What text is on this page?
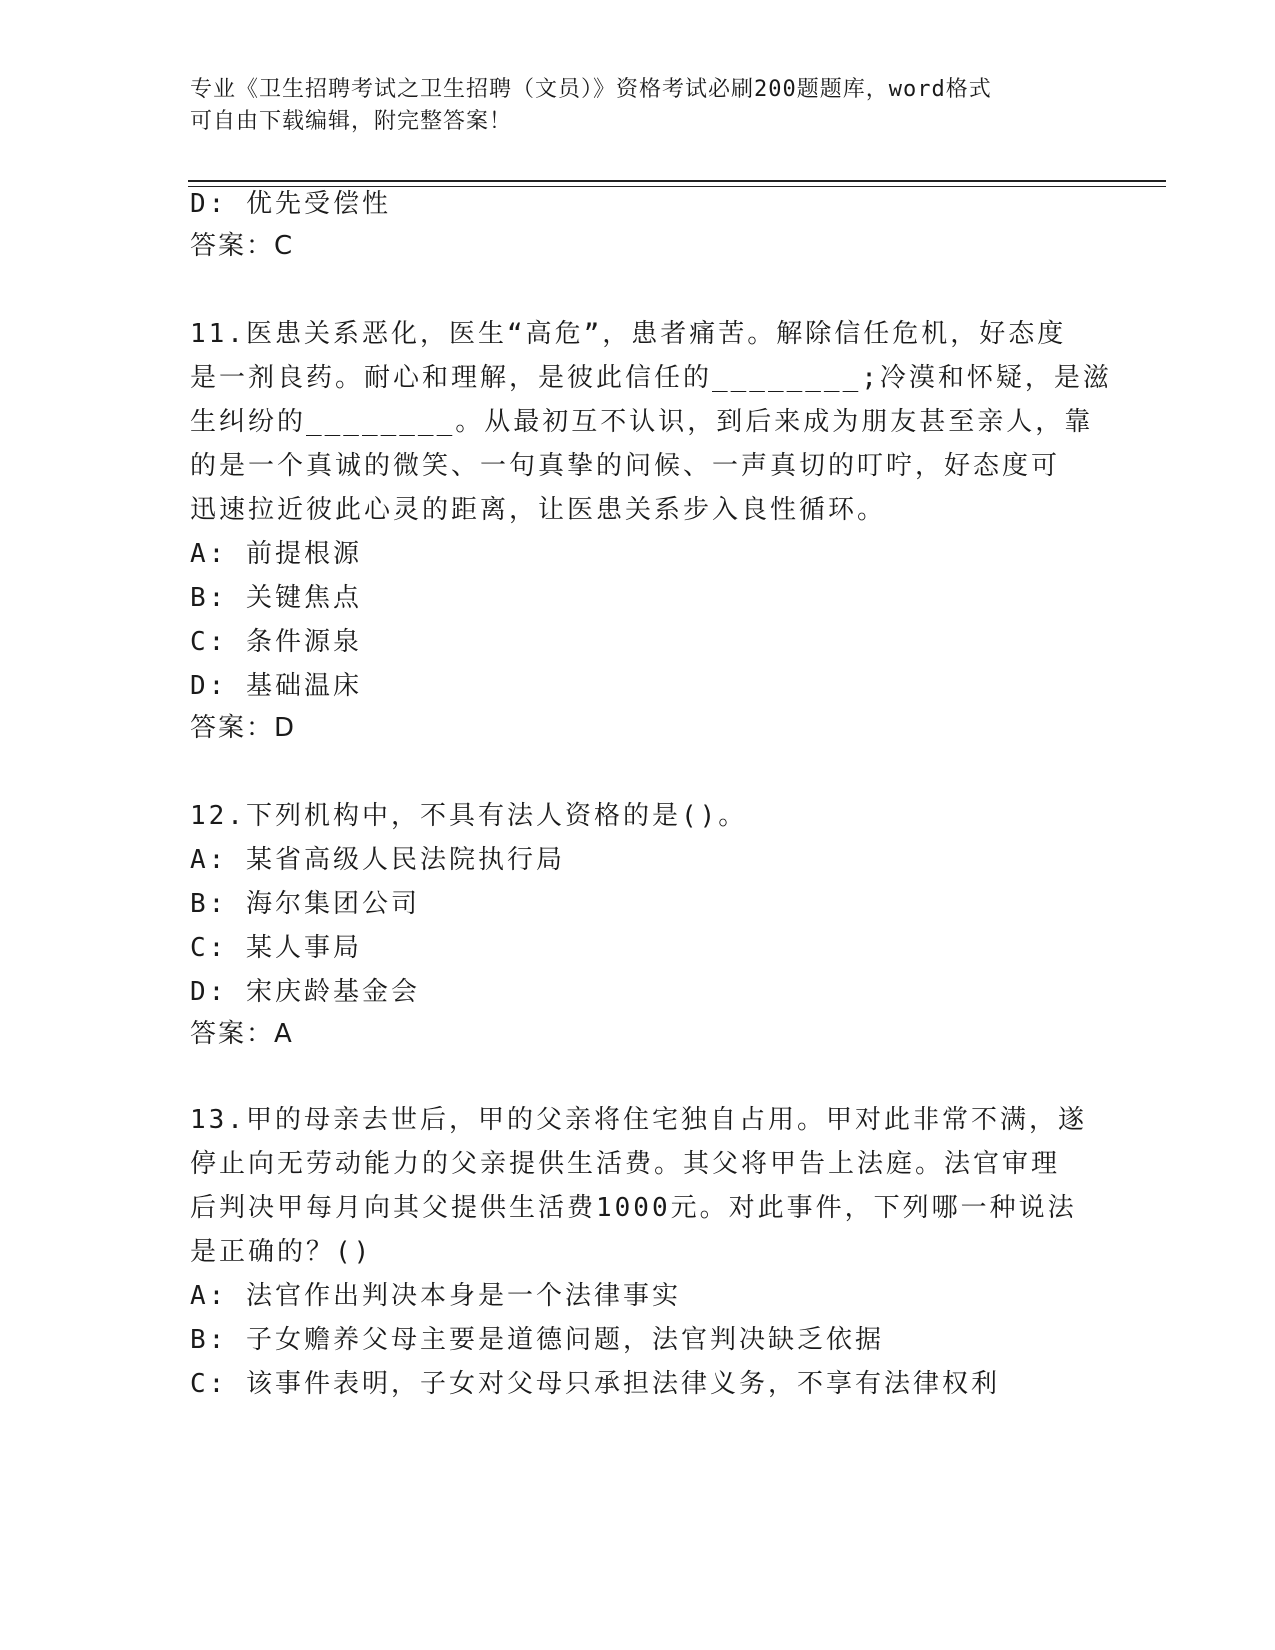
专业《卫生招聘考试之卫生招聘（文员）》资格考试必刷200题题库，word格式
可自由下载编辑，附完整答案！
D: 优先受偿性
答案：C
11.医患关系恶化，医生“高危”，患者痛苦。解除信任危机，好态度
是一剂良药。耐心和理解，是彼此信任的________;冷漠和怀疑，是滋
生纠纷的________。从最初互不认识，到后来成为朋友甚至亲人，靠
的是一个真诚的微笑、一句真挚的问候、一声真切的叮咛，好态度可
迅速拉近彼此心灵的距离，让医患关系步入良性循环。
A: 前提根源
B: 关键焦点
C: 条件源泉
D: 基础温床
答案：D
12.下列机构中，不具有法人资格的是()。
A: 某省高级人民法院执行局
B: 海尔集团公司
C: 某人事局
D: 宋庆龄基金会
答案：A
13.甲的母亲去世后，甲的父亲将住宅独自占用。甲对此非常不满，遂
停止向无劳动能力的父亲提供生活费。其父将甲告上法庭。法官审理
后判决甲每月向其父提供生活费1000元。对此事件，下列哪一种说法
是正确的？()
A: 法官作出判决本身是一个法律事实
B: 子女赡养父母主要是道德问题，法官判决缺乏依据
C: 该事件表明，子女对父母只承担法律义务，不享有法律权利
